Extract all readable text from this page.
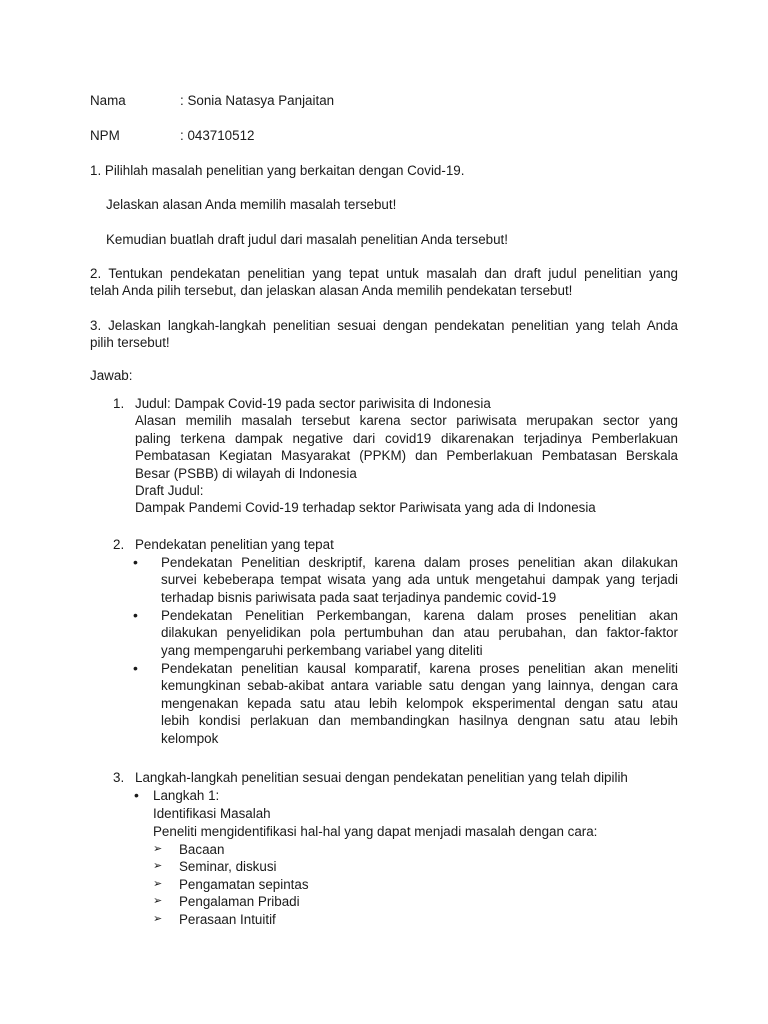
Nama	: Sonia Natasya Panjaitan
NPM	: 043710512
1. Pilihlah masalah penelitian yang berkaitan dengan Covid-19.
Jelaskan alasan Anda memilih masalah tersebut!
Kemudian buatlah draft judul dari masalah penelitian Anda tersebut!
2. Tentukan pendekatan penelitian yang tepat untuk masalah dan draft judul penelitian yang
telah Anda pilih tersebut, dan jelaskan alasan Anda memilih pendekatan tersebut!
3. Jelaskan langkah-langkah penelitian sesuai dengan pendekatan penelitian yang telah Anda
pilih tersebut!
Jawab:
1. Judul: Dampak Covid-19 pada sector pariwisita di Indonesia
Alasan memilih masalah tersebut karena sector pariwisata merupakan sector yang
paling terkena dampak negative dari covid19 dikarenakan terjadinya Pemberlakuan
Pembatasan Kegiatan Masyarakat (PPKM) dan Pemberlakuan Pembatasan Berskala
Besar (PSBB) di wilayah di Indonesia
Draft Judul:
Dampak Pandemi Covid-19 terhadap sektor Pariwisata yang ada di Indonesia
2. Pendekatan penelitian yang tepat
• Pendekatan Penelitian deskriptif, karena dalam proses penelitian akan dilakukan
survei kebeberapa tempat wisata yang ada untuk mengetahui dampak yang terjadi
terhadap bisnis pariwisata pada saat terjadinya pandemic covid-19
• Pendekatan Penelitian Perkembangan, karena dalam proses penelitian akan
dilakukan penyelidikan pola pertumbuhan dan atau perubahan, dan faktor-faktor
yang mempengaruhi perkembang variabel yang diteliti
• Pendekatan penelitian kausal komparatif, karena proses penelitian akan meneliti
kemungkinan sebab-akibat antara variable satu dengan yang lainnya, dengan cara
mengenakan kepada satu atau lebih kelompok eksperimental dengan satu atau
lebih kondisi perlakuan dan membandingkan hasilnya dengnan satu atau lebih
kelompok
3. Langkah-langkah penelitian sesuai dengan pendekatan penelitian yang telah dipilih
• Langkah 1:
Identifikasi Masalah
Peneliti mengidentifikasi hal-hal yang dapat menjadi masalah dengan cara:
➢ Bacaan
➢ Seminar, diskusi
➢ Pengamatan sepintas
➢ Pengalaman Pribadi
➢ Perasaan Intuitif
